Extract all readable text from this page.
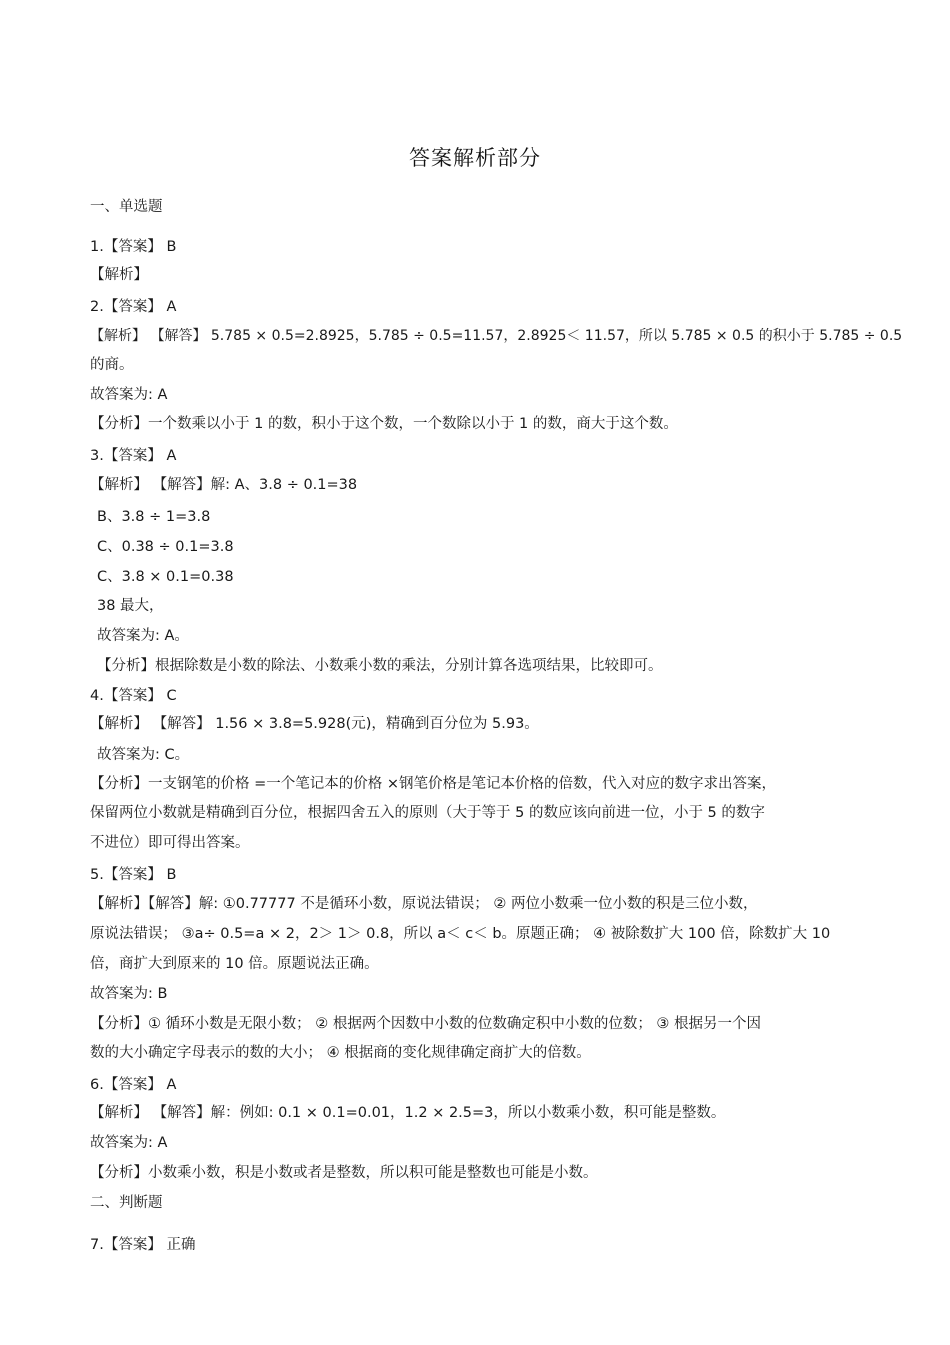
答案解析部分
一、单选题
1.【答案】 B
【解析】
2.【答案】 A
【解析】 【解答】 5.785 × 0.5=2.8925，5.785 ÷ 0.5=11.57，2.8925＜ 11.57，所以 5.785 × 0.5 的积小于 5.785 ÷ 0.5
的商。
故答案为: A
【分析】一个数乘以小于 1 的数，积小于这个数，一个数除以小于 1 的数，商大于这个数。
3.【答案】 A
【解析】 【解答】解: A、3.8 ÷ 0.1=38
B、3.8 ÷ 1=3.8
C、0.38 ÷ 0.1=3.8
C、3.8 × 0.1=0.38
38 最大，
故答案为: A。
【分析】根据除数是小数的除法、小数乘小数的乘法，分别计算各选项结果，比较即可。
4.【答案】 C
【解析】 【解答】 1.56 × 3.8=5.928(元)，精确到百分位为 5.93。
故答案为: C。
【分析】一支钢笔的价格 =一个笔记本的价格 ×钢笔价格是笔记本价格的倍数，代入对应的数字求出答案，
保留两位小数就是精确到百分位，根据四舍五入的原则（大于等于 5 的数应该向前进一位，小于 5 的数字
不进位）即可得出答案。
5.【答案】 B
【解析】【解答】解: ①0.77777 不是循环小数，原说法错误； ② 两位小数乘一位小数的积是三位小数，
原说法错误； ③a÷ 0.5=a × 2，2＞ 1＞ 0.8，所以 a＜ c＜ b。原题正确； ④ 被除数扩大 100 倍，除数扩大 10
倍，商扩大到原来的 10 倍。原题说法正确。
故答案为: B
【分析】① 循环小数是无限小数； ② 根据两个因数中小数的位数确定积中小数的位数； ③ 根据另一个因
数的大小确定字母表示的数的大小； ④ 根据商的变化规律确定商扩大的倍数。
6.【答案】 A
【解析】 【解答】解：例如: 0.1 × 0.1=0.01，1.2 × 2.5=3，所以小数乘小数，积可能是整数。
故答案为: A
【分析】小数乘小数，积是小数或者是整数，所以积可能是整数也可能是小数。
二、判断题
7.【答案】 正确
